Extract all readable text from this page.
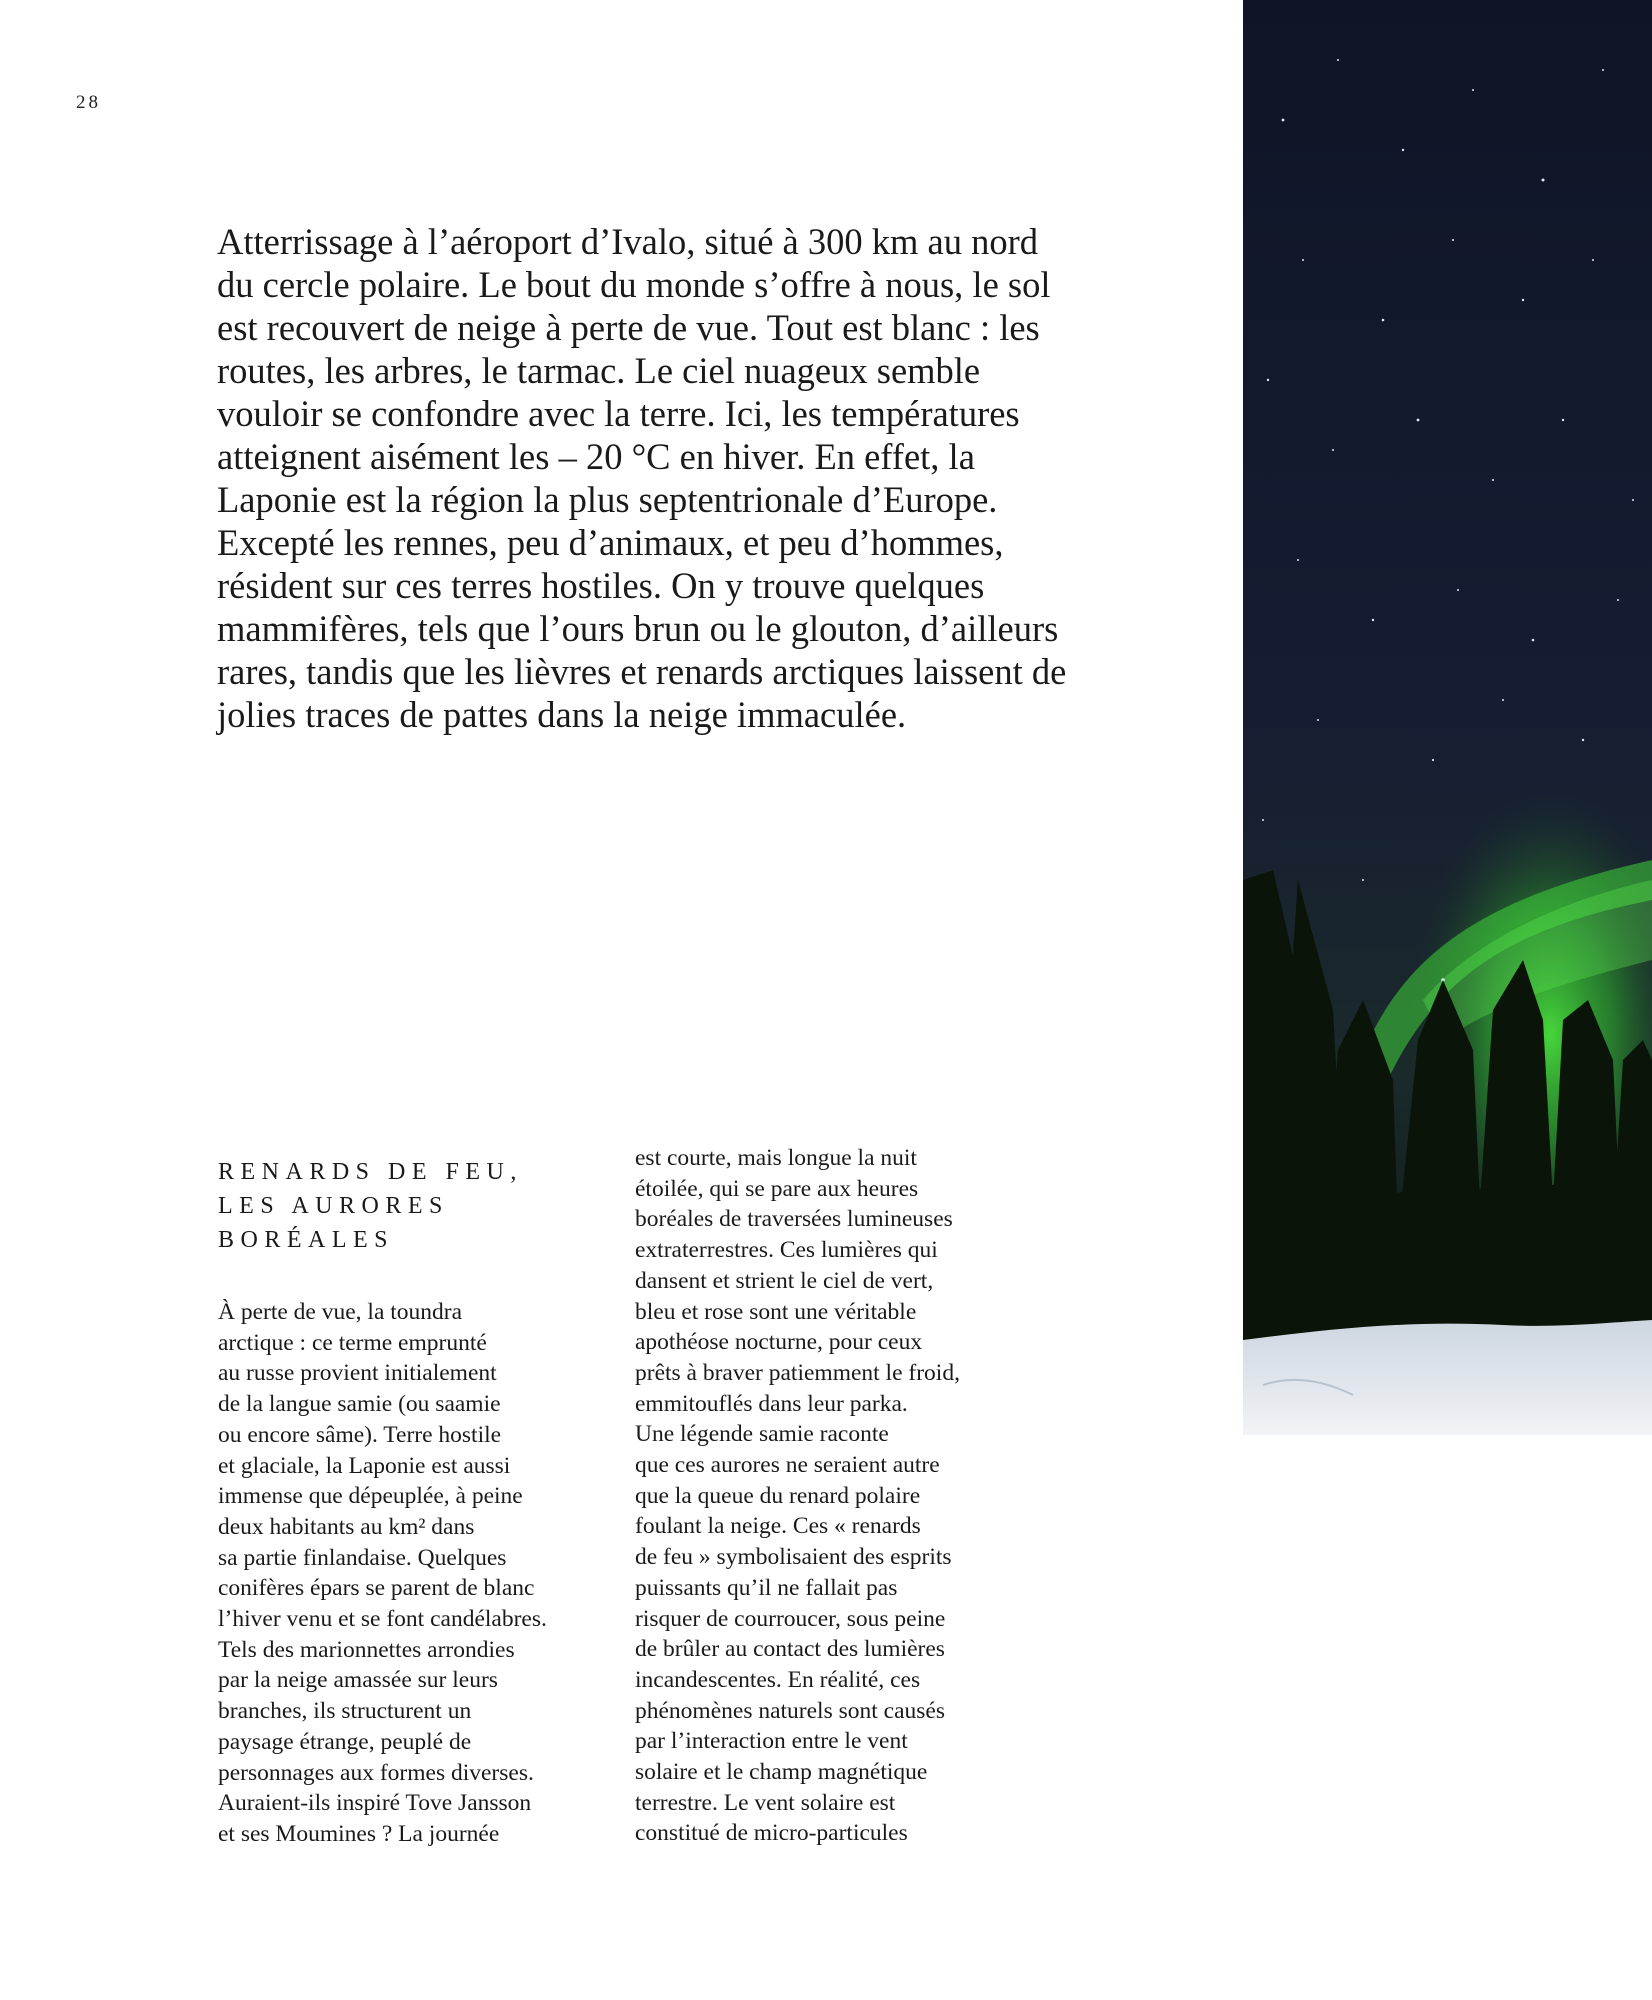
28

Atterrissage à l’aéroport d’Ivalo, situé à 300 km au nord du cercle polaire. Le bout du monde s’offre à nous, le sol est recouvert de neige à perte de vue. Tout est blanc : les routes, les arbres, le tarmac. Le ciel nuageux semble vouloir se confondre avec la terre. Ici, les températures atteignent aisément les – 20 °C en hiver. En effet, la Laponie est la région la plus septentrionale d’Europe. Excepté les rennes, peu d’animaux, et peu d’hommes, résident sur ces terres hostiles. On y trouve quelques mammifères, tels que l’ours brun ou le glouton, d’ailleurs rares, tandis que les lièvres et renards arctiques laissent de jolies traces de pattes dans la neige immaculée.

RENARDS DE FEU,
LES AURORES
BORÉALES
À perte de vue, la toundra
arctique : ce terme emprunté
au russe provient initialement
de la langue samie (ou saamie
ou encore sâme). Terre hostile
et glaciale, la Laponie est aussi
immense que dépeuplée, à peine
deux habitants au km² dans
sa partie finlandaise. Quelques
conifères épars se parent de blanc
l’hiver venu et se font candélabres.
Tels des marionnettes arrondies
par la neige amassée sur leurs
branches, ils structurent un
paysage étrange, peuplé de
personnages aux formes diverses.
Auraient-ils inspiré Tove Jansson
et ses Moumines ? La journée
est courte, mais longue la nuit
étoilée, qui se pare aux heures
boréales de traversées lumineuses
extraterrestres. Ces lumières qui
dansent et strient le ciel de vert,
bleu et rose sont une véritable
apothéose nocturne, pour ceux
prêts à braver patiemment le froid,
emmitouflés dans leur parka.
Une légende samie raconte
que ces aurores ne seraient autre
que la queue du renard polaire
foulant la neige. Ces « renards
de feu » symbolisaient des esprits
puissants qu’il ne fallait pas
risquer de courroucer, sous peine
de brûler au contact des lumières
incandescentes. En réalité, ces
phénomènes naturels sont causés
par l’interaction entre le vent
solaire et le champ magnétique
terrestre. Le vent solaire est
constitué de micro-particules
